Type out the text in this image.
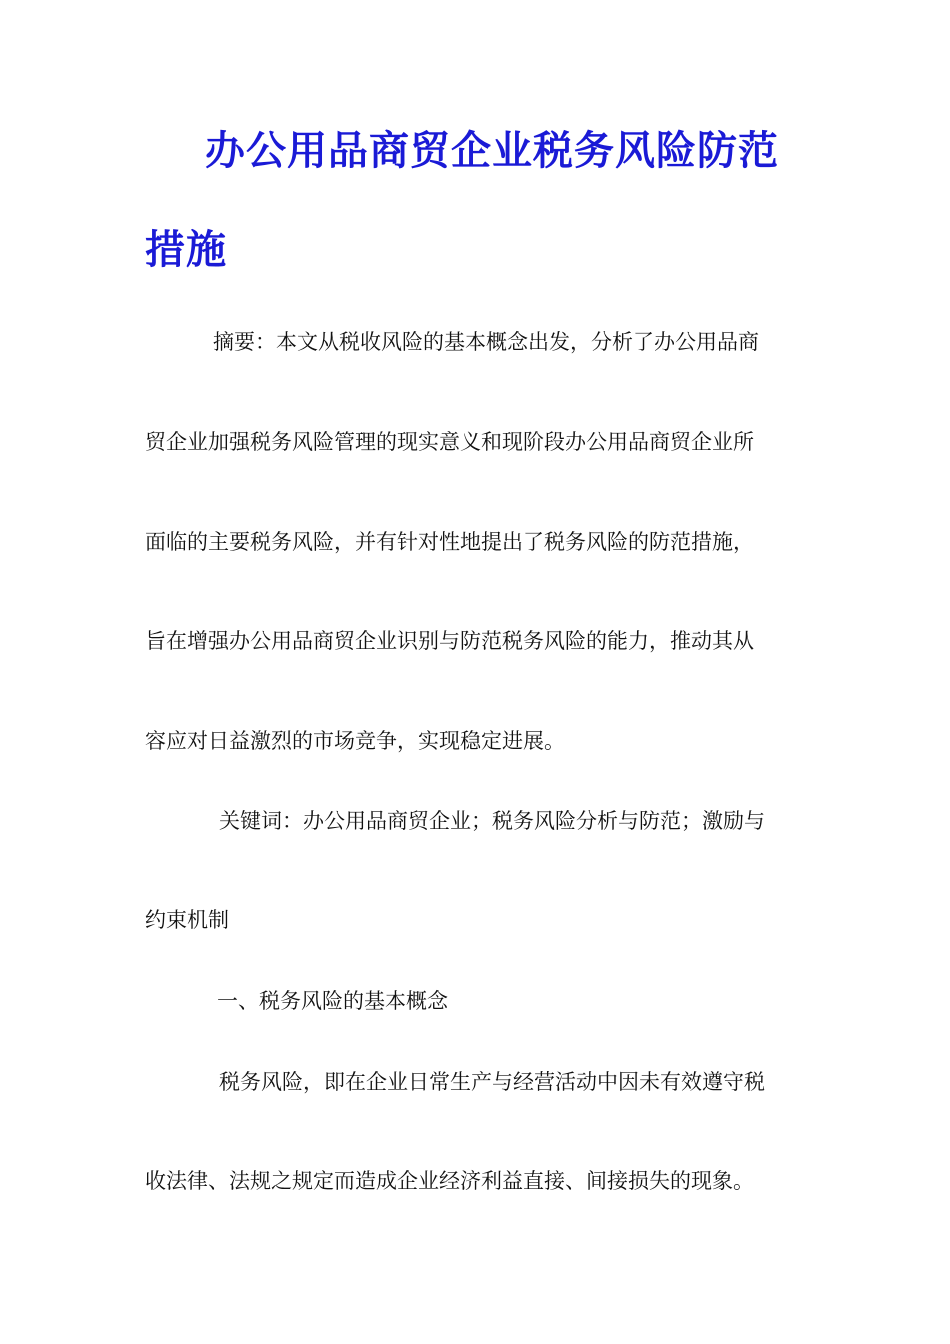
办公用品商贸企业税务风险防范
措施

摘要：本文从税收风险的基本概念出发，分析了办公用品商

贸企业加强税务风险管理的现实意义和现阶段办公用品商贸企业所

面临的主要税务风险，并有针对性地提出了税务风险的防范措施，

旨在增强办公用品商贸企业识别与防范税务风险的能力，推动其从

容应对日益激烈的市场竞争，实现稳定进展。

关键词：办公用品商贸企业；税务风险分析与防范；激励与

约束机制

一、税务风险的基本概念

税务风险，即在企业日常生产与经营活动中因未有效遵守税

收法律、法规之规定而造成企业经济利益直接、间接损失的现象。
